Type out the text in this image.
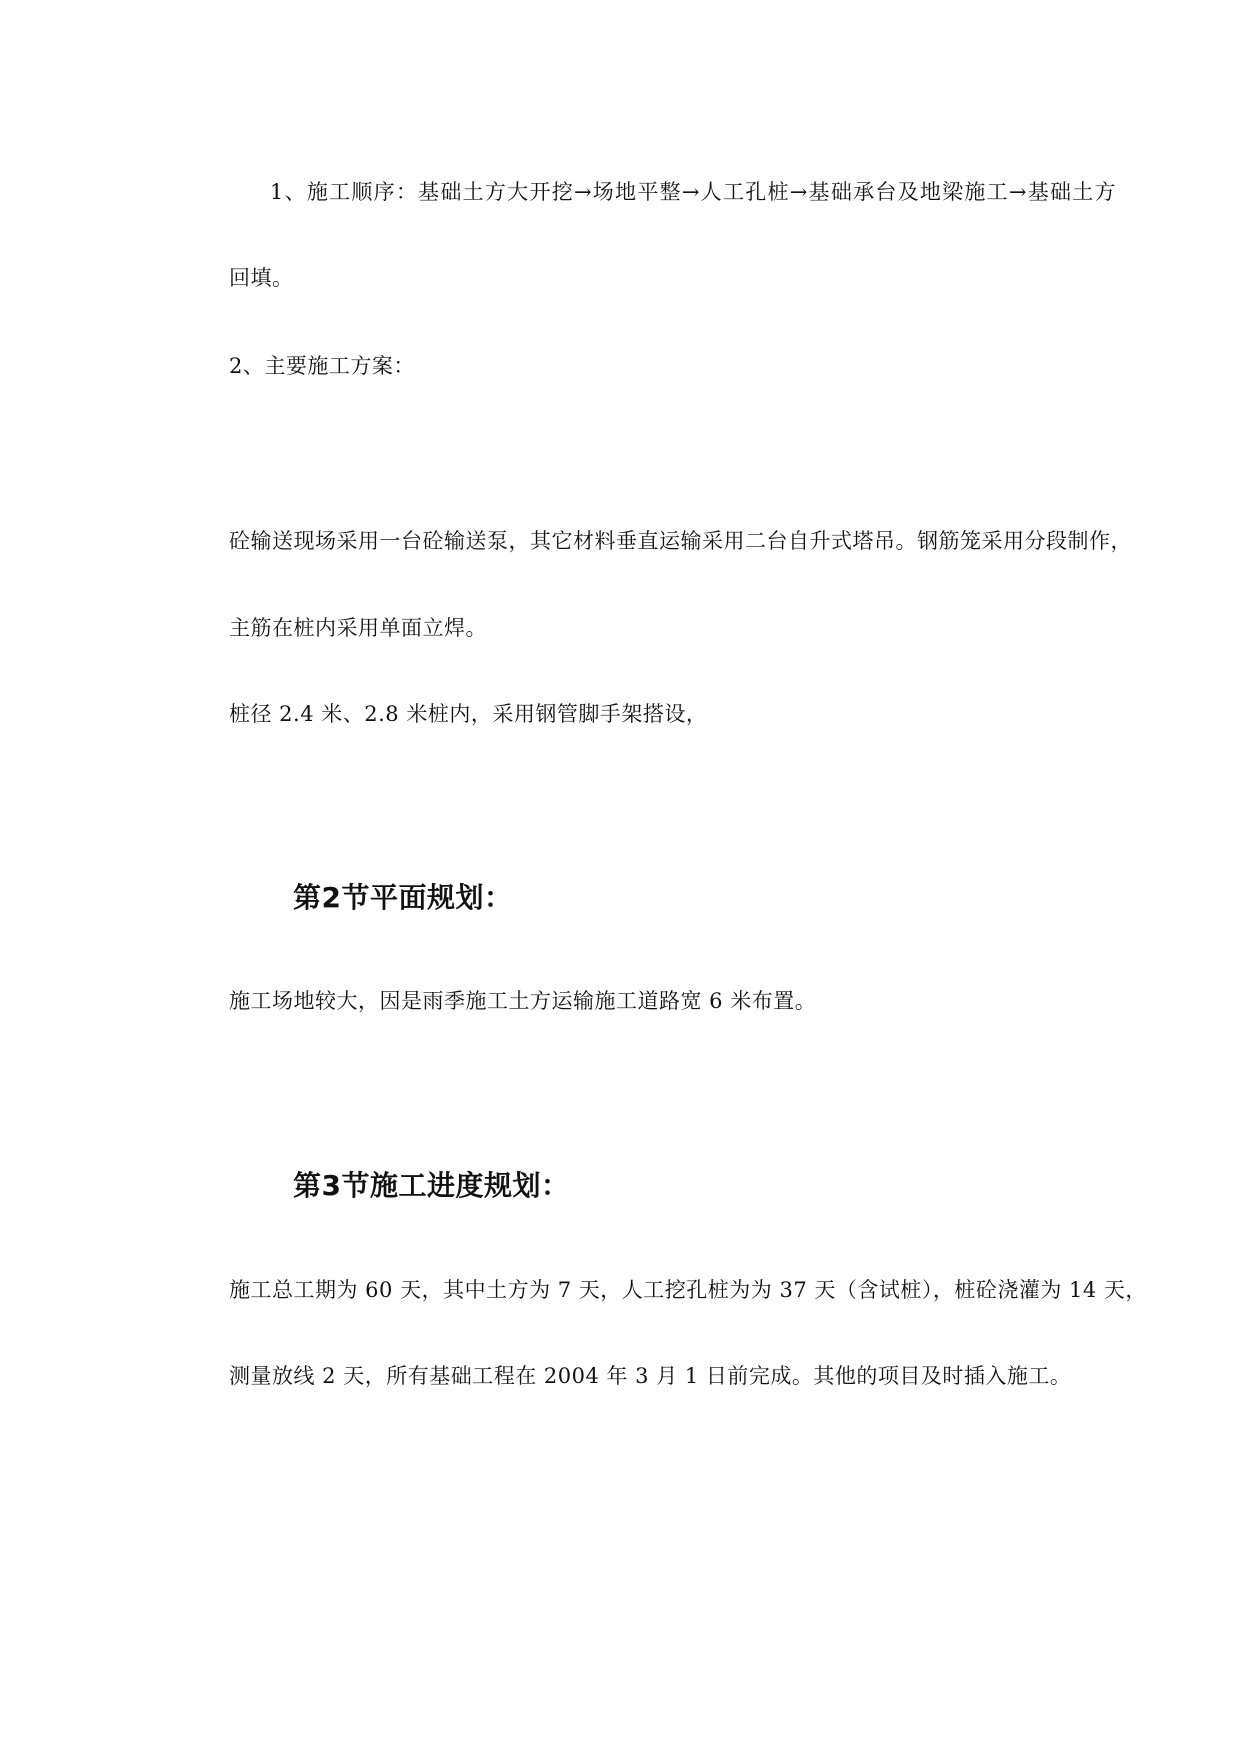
1、施工顺序：基础土方大开挖→场地平整→人工孔桩→基础承台及地梁施工→基础土方
回填。
2、主要施工方案：
砼输送现场采用一台砼输送泵，其它材料垂直运输采用二台自升式塔吊。钢筋笼采用分段制作，
主筋在桩内采用单面立焊。
桩径 2.4 米、2.8 米桩内，采用钢管脚手架搭设，
第2节平面规划：
施工场地较大，因是雨季施工土方运输施工道路宽 6 米布置。
第3节施工进度规划：
施工总工期为 60 天，其中土方为 7 天，人工挖孔桩为为 37 天（含试桩），桩砼浇灌为 14 天，
测量放线 2 天，所有基础工程在 2004 年 3 月 1 日前完成。其他的项目及时插入施工。
